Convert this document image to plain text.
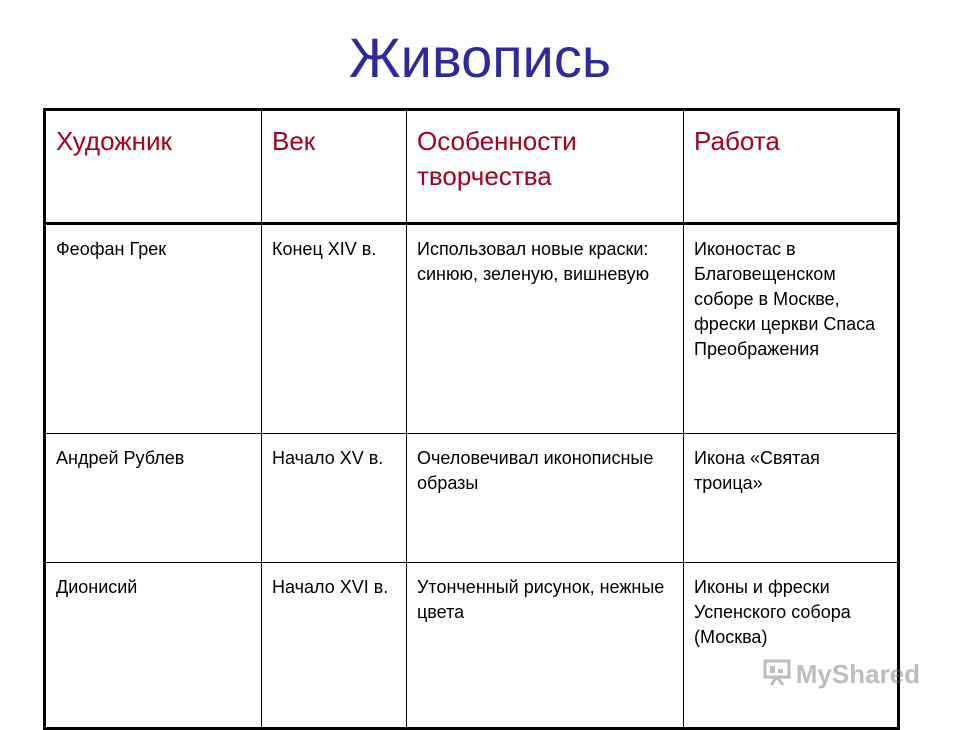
Живопись
Художник	Век	Особенности творчества	Работа
Феофан Грек	Конец XIV в.	Использовал новые краски: синюю, зеленую, вишневую	Иконостас в Благовещенском соборе в Москве, фрески церкви Спаса Преображения
Андрей Рублев	Начало XV в.	Очеловечивал иконописные образы	Икона «Святая троица»
Дионисий	Начало XVI в.	Утонченный рисунок, нежные цвета	Иконы и фрески Успенского собора (Москва)
MyShared
